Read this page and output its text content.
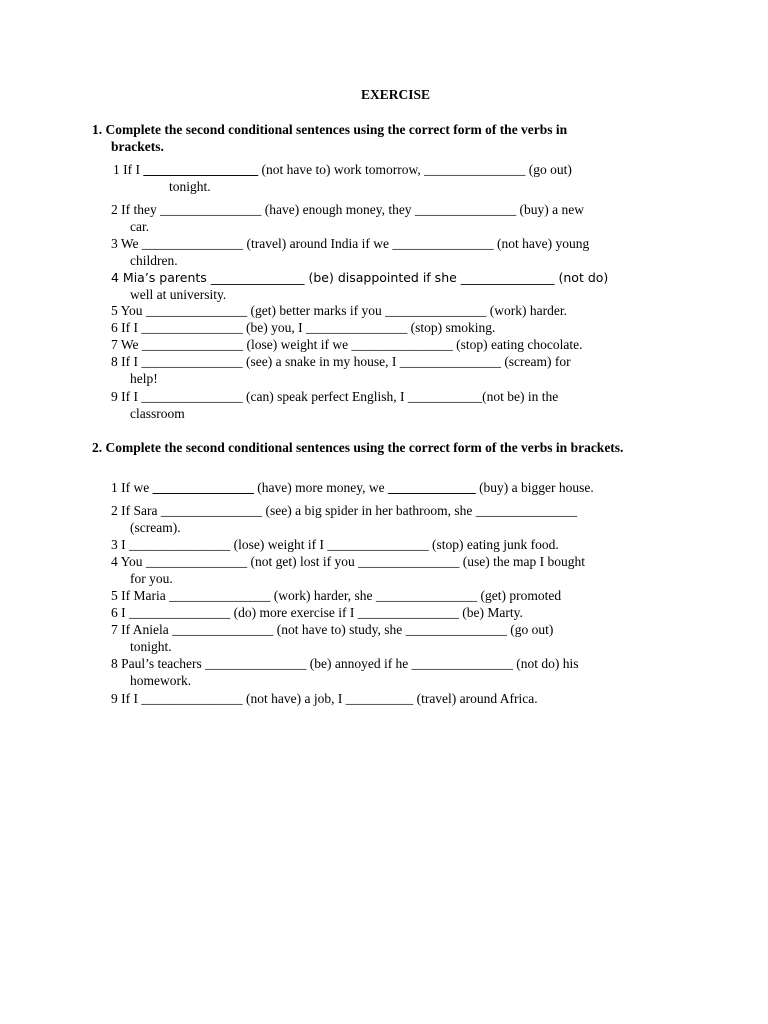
EXERCISE
1. Complete the second conditional sentences using the correct form of the verbs in
brackets.
1 If I _________________ (not have to) work tomorrow, _______________ (go out)
tonight.
2 If they _______________ (have) enough money, they _______________ (buy) a new
car.
3 We _______________ (travel) around India if we _______________ (not have) young
children.
4 Mia’s parents _______________ (be) disappointed if she _______________ (not do)
well at university.
5 You _______________ (get) better marks if you _______________ (work) harder.
6 If I _______________ (be) you, I _______________ (stop) smoking.
7 We _______________ (lose) weight if we _______________ (stop) eating chocolate.
8 If I _______________ (see) a snake in my house, I _______________ (scream) for
help!
9 If I _______________ (can) speak perfect English, I ___________(not be) in the
classroom
2. Complete the second conditional sentences using the correct form of the verbs in brackets.
1 If we _______________ (have) more money, we _____________ (buy) a bigger house.
2 If Sara _______________ (see) a big spider in her bathroom, she _______________
(scream).
3 I _______________ (lose) weight if I _______________ (stop) eating junk food.
4 You _______________ (not get) lost if you _______________ (use) the map I bought
for you.
5 If Maria _______________ (work) harder, she _______________ (get) promoted
6 I _______________ (do) more exercise if I _______________ (be) Marty.
7 If Aniela _______________ (not have to) study, she _______________ (go out)
tonight.
8 Paul’s teachers _______________ (be) annoyed if he _______________ (not do) his
homework.
9 If I _______________ (not have) a job, I __________ (travel) around Africa.
